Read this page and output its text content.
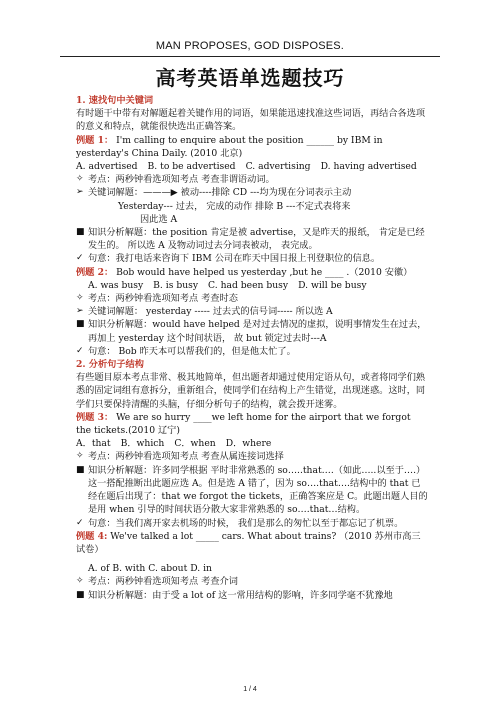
MAN PROPOSES, GOD DISPOSES.
高考英语单选题技巧

1. 速找句中关键词

有时题干中带有对解题起着关键作用的词语，如果能迅速找准这些词语，再结合各选项的意义和特点，就能很快选出正确答案。

例题 1： I'm calling to enquire about the position ______ by IBM in yesterday's China Daily. (2010 北京)

A. advertised B. to be advertised C. advertising D. having advertised

✧ 考点：两秒钟看选项知考点 考查非谓语动词。
➢ 关键词解题：———▶ 被动----排除 CD ---均为现在分词表示主动

Yesterday--- 过去， 完成的动作 排除 B ---不定式表将来

因此选 A

■ 知识分析解题：the position 肯定是被 advertise，又是昨天的报纸， 肯定是已经发生的。 所以选 A 及物动词过去分词表被动， 表完成。
✓ 句意：我打电话来咨询下 IBM 公司在昨天中国日报上刊登职位的信息。

例题 2： Bob would have helped us yesterday ,but he ____ .（2010 安徽）

A. was busy B. is busy C. had been busy D. will be busy

✧ 考点：两秒钟看选项知考点 考查时态
➢ 关键词解题： yesterday ----- 过去式的信号词----- 所以选 A
■ 知识分析解题：would have helped 是对过去情况的虚拟，说明事情发生在过去， 再加上 yesterday 这个时间状语， 故 but 锁定过去时---A
✓ 句意： Bob 昨天本可以帮我们的，但是他太忙了。

2. 分析句子结构

有些题目原本考点非常、极其地简单，但出题者却通过使用定语从句，或者将同学们熟悉的固定词组有意拆分，重新组合，使同学们在结构上产生错觉，出现迷惑。这时，同学们只要保持清醒的头脑，仔细分析句子的结构，就会拨开迷雾。

例题 3： We are so hurry ____we left home for the airport that we forgot the tickets.(2010 辽宁)

A．that B．which C．when D．where

✧ 考点：两秒钟看选项知考点 考查从属连接词选择
■ 知识分析解题：许多同学根据 平时非常熟悉的 so…..that….（如此…..以至于….）这一搭配推断出此题应选 A。但是选 A 错了，因为 so….that….结构中的 that 已经在题后出现了：that we forgot the tickets，正确答案应是 C。此题出题人目的是用 when 引导的时间状语分散大家非常熟悉的 so….that…结构。
✓ 句意：当我们离开家去机场的时候， 我们是那么的匆忙以至于都忘记了机票。

例题 4: We've talked a lot _____ cars. What about trains? （2010 苏州市高三试卷）

A. of B. with C. about D. in

✧ 考点：两秒钟看选项知考点 考查介词
■ 知识分析解题：由于受 a lot of 这一常用结构的影响，许多同学毫不犹豫地
1 / 4
